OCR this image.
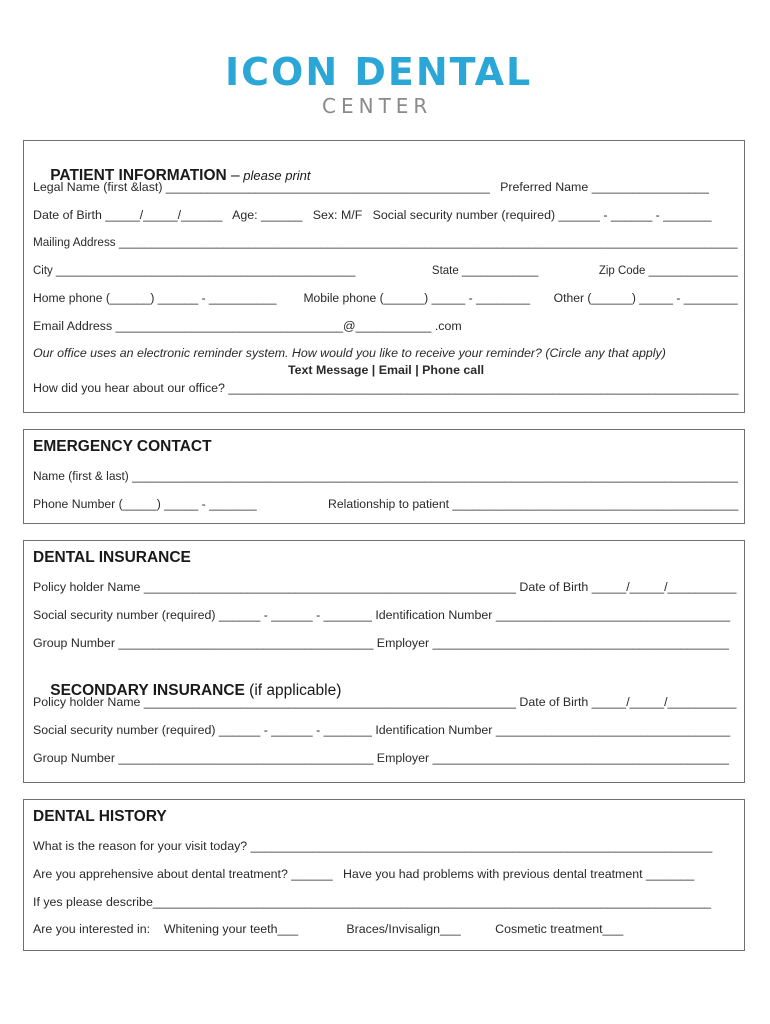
ICON DENTAL
CENTER

PATIENT INFORMATION – please print

Legal Name (first &last) _______________________________________________   Preferred Name _________________
Date of Birth _____/_____/______   Age: ______   Sex: M/F   Social security number (required) ______ - ______ - _______
Mailing Address _______________________________________________________________________________________________
City _______________________________________________                        State ____________                   Zip Code ______________
Home phone (______) ______ - __________        Mobile phone (______) _____ - ________       Other (______) _____ - ________
Email Address _________________________________@___________ .com
Our office uses an electronic reminder system. How would you like to receive your reminder? (Circle any that apply)
Text Message | Email | Phone call
How did you hear about our office? __________________________________________________________________________
EMERGENCY CONTACT
Name (first & last) ___________________________________________________________________________________________
Phone Number (_____) _____ - _______                     Relationship to patient __________________________________________
DENTAL INSURANCE
Policy holder Name ______________________________________________________ Date of Birth _____/_____/__________
Social security number (required) ______ - ______ - _______ Identification Number __________________________________
Group Number _____________________________________ Employer ___________________________________________

SECONDARY INSURANCE (if applicable)

Policy holder Name ______________________________________________________ Date of Birth _____/_____/__________
Social security number (required) ______ - ______ - _______ Identification Number __________________________________
Group Number _____________________________________ Employer ___________________________________________
DENTAL HISTORY
What is the reason for your visit today? ___________________________________________________________________
Are you apprehensive about dental treatment? ______   Have you had problems with previous dental treatment _______
If yes please describe_________________________________________________________________________________
Are you interested in:    Whitening your teeth___              Braces/Invisalign___          Cosmetic treatment___
